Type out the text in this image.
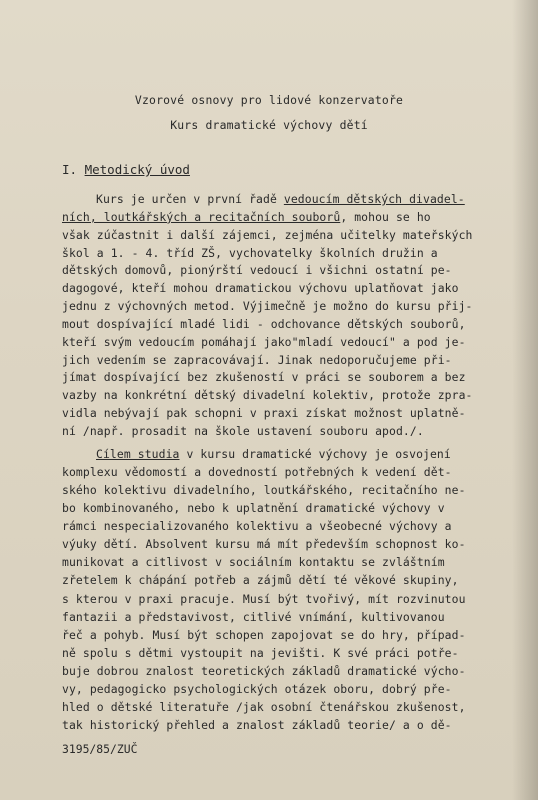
Vzorové osnovy pro lidové konzervatoře
Kurs dramatické výchovy dětí
I. Metodický úvod
Kurs je určen v první řadě vedoucím dětských divadel-
ních, loutkářských a recitačních souborů, mohou se ho
však zúčastnit i další zájemci, zejména učitelky mateřských
škol a 1. - 4. tříd ZŠ, vychovatelky školních družin a
dětských domovů, pionýrští vedoucí i všichni ostatní pe-
dagogové, kteří mohou dramatickou výchovu uplatňovat jako
jednu z výchovných metod. Výjimečně je možno do kursu přij-
mout dospívající mladé lidi - odchovance dětských souborů,
kteří svým vedoucím pomáhají jako"mladí vedoucí" a pod je-
jich vedením se zapracovávají. Jinak nedoporučujeme při-
jímat dospívající bez zkušeností v práci se souborem a bez
vazby na konkrétní dětský divadelní kolektiv, protože zpra-
vidla nebývají pak schopni v praxi získat možnost uplatně-
ní /např. prosadit na škole ustavení souboru apod./.
Cílem studia v kursu dramatické výchovy je osvojení
komplexu vědomostí a dovedností potřebných k vedení dět-
ského kolektivu divadelního, loutkářského, recitačního ne-
bo kombinovaného, nebo k uplatnění dramatické výchovy v
rámci nespecializovaného kolektivu a všeobecné výchovy a
výuky dětí. Absolvent kursu má mít především schopnost ko-
munikovat a citlivost v sociálním kontaktu se zvláštním
zřetelem k chápání potřeb a zájmů dětí té věkové skupiny,
s kterou v praxi pracuje. Musí být tvořivý, mít rozvinutou
fantazii a představivost, citlivé vnímání, kultivovanou
řeč a pohyb. Musí být schopen zapojovat se do hry, případ-
ně spolu s dětmi vystoupit na jevišti. K své práci potře-
buje dobrou znalost teoretických základů dramatické výcho-
vy, pedagogicko psychologických otázek oboru, dobrý pře-
hled o dětské literatuře /jak osobní čtenářskou zkušenost,
tak historický přehled a znalost základů teorie/ a o dě-
3195/85/ZUČ
